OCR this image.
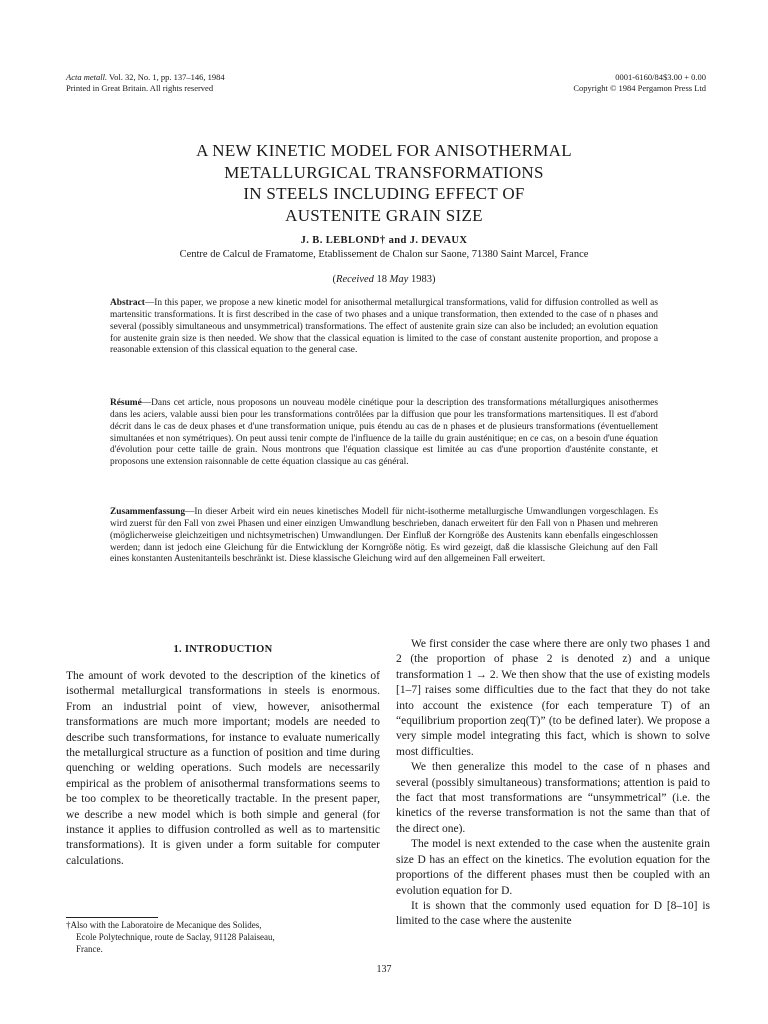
Acta metall. Vol. 32, No. 1, pp. 137–146, 1984
Printed in Great Britain. All rights reserved
0001-6160/84$3.00 + 0.00
Copyright © 1984 Pergamon Press Ltd
A NEW KINETIC MODEL FOR ANISOTHERMAL
METALLURGICAL TRANSFORMATIONS
IN STEELS INCLUDING EFFECT OF
AUSTENITE GRAIN SIZE
J. B. LEBLOND† and J. DEVAUX
Centre de Calcul de Framatome, Etablissement de Chalon sur Saone, 71380 Saint Marcel, France
(Received 18 May 1983)
Abstract—In this paper, we propose a new kinetic model for anisothermal metallurgical transformations, valid for diffusion controlled as well as martensitic transformations. It is first described in the case of two phases and a unique transformation, then extended to the case of n phases and several (possibly simultaneous and unsymmetrical) transformations. The effect of austenite grain size can also be included; an evolution equation for austenite grain size is then needed. We show that the classical equation is limited to the case of constant austenite proportion, and propose a reasonable extension of this classical equation to the general case.
Résumé—Dans cet article, nous proposons un nouveau modèle cinétique pour la description des transformations métallurgiques anisothermes dans les aciers, valable aussi bien pour les transformations contrôlées par la diffusion que pour les transformations martensitiques. Il est d'abord décrit dans le cas de deux phases et d'une transformation unique, puis étendu au cas de n phases et de plusieurs transformations (éventuellement simultanées et non symétriques). On peut aussi tenir compte de l'influence de la taille du grain austénitique; en ce cas, on a besoin d'une équation d'évolution pour cette taille de grain. Nous montrons que l'équation classique est limitée au cas d'une proportion d'austénite constante, et proposons une extension raisonnable de cette équation classique au cas général.
Zusammenfassung—In dieser Arbeit wird ein neues kinetisches Modell für nicht-isotherme metallurgische Umwandlungen vorgeschlagen. Es wird zuerst für den Fall von zwei Phasen und einer einzigen Umwandlung beschrieben, danach erweitert für den Fall von n Phasen und mehreren (möglicherweise gleichzeitigen und nichtsymetrischen) Umwandlungen. Der Einfluß der Korngröße des Austenits kann ebenfalls eingeschlossen werden; dann ist jedoch eine Gleichung für die Entwicklung der Korngröße nötig. Es wird gezeigt, daß die klassische Gleichung auf den Fall eines konstanten Austenitanteils beschränkt ist. Diese klassische Gleichung wird auf den allgemeinen Fall erweitert.
1. INTRODUCTION

The amount of work devoted to the description of the kinetics of isothermal metallurgical transformations in steels is enormous. From an industrial point of view, however, anisothermal transformations are much more important; models are needed to describe such transformations, for instance to evaluate numerically the metallurgical structure as a function of position and time during quenching or welding operations. Such models are necessarily empirical as the problem of anisothermal transformations seems to be too complex to be theoretically tractable. In the present paper, we describe a new model which is both simple and general (for instance it applies to diffusion controlled as well as to martensitic transformations). It is given under a form suitable for computer calculations.

We first consider the case where there are only two phases 1 and 2 (the proportion of phase 2 is denoted z) and a unique transformation 1 → 2. We then show that the use of existing models [1–7] raises some difficulties due to the fact that they do not take into account the existence (for each temperature T) of an “equilibrium proportion zeq(T)” (to be defined later). We propose a very simple model integrating this fact, which is shown to solve most difficulties.

We then generalize this model to the case of n phases and several (possibly simultaneous) transformations; attention is paid to the fact that most transformations are “unsymmetrical” (i.e. the kinetics of the reverse transformation is not the same than that of the direct one).

The model is next extended to the case when the austenite grain size D has an effect on the kinetics. The evolution equation for the proportions of the different phases must then be coupled with an evolution equation for D.

It is shown that the commonly used equation for D [8–10] is limited to the case where the austenite

†Also with the Laboratoire de Mecanique des Solides,
Ecole Polytechnique, route de Saclay, 91128 Palaiseau,
France.
137
